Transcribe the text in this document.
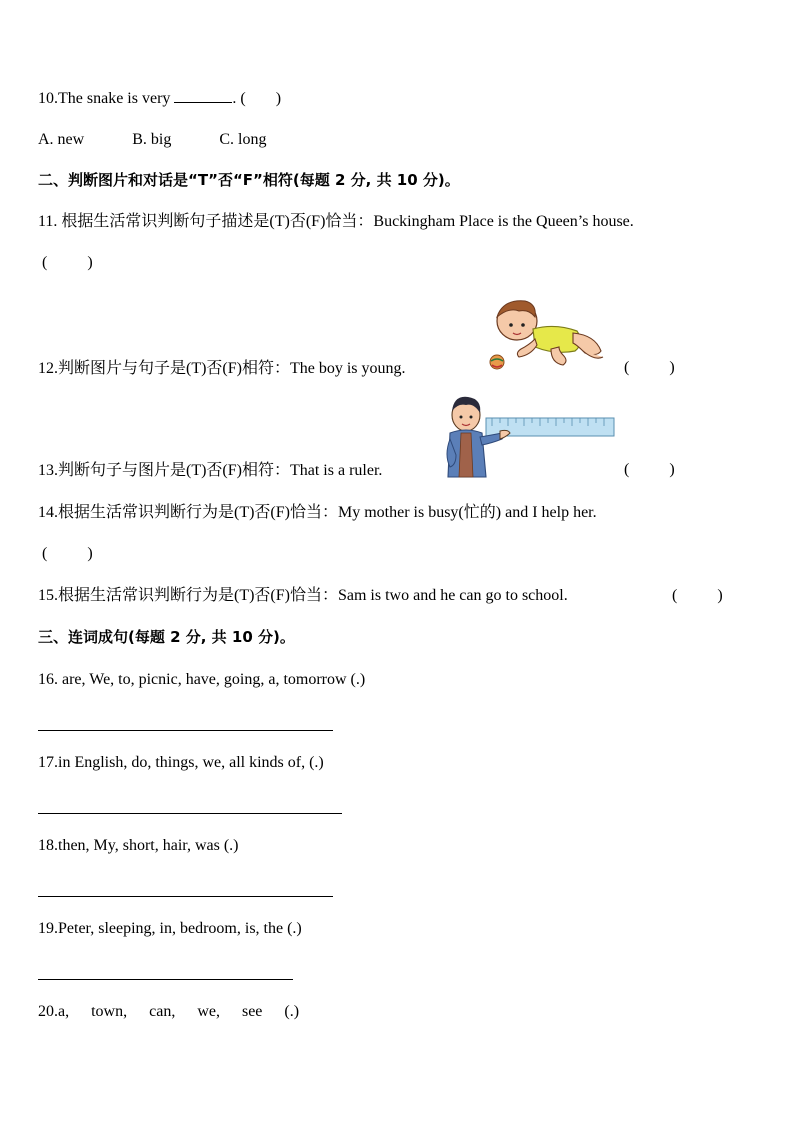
10.The snake is very	. ( )
A. new	B. big	C. long
二、判断图片和对话是“T”否“F”相符(每题 2 分, 共 10 分)。
11. 根据生活常识判断句子描述是(T)否(F)恰当：Buckingham Place is the Queen’s house.
(          )
12.判断图片与句子是(T)否(F)相符：The boy is young.	(          )
13.判断句子与图片是(T)否(F)相符：That is a ruler.	(          )
14.根据生活常识判断行为是(T)否(F)恰当：My mother is busy(忙的) and I help her.
(          )
15.根据生活常识判断行为是(T)否(F)恰当：Sam is two and he can go to school.	(          )
三、连词成句(每题 2 分, 共 10 分)。
16. are, We, to, picnic, have, going, a, tomorrow (.)
17.in English, do, things, we, all kinds of, (.)
18.then, My, short, hair, was (.)
19.Peter, sleeping, in, bedroom, is, the (.)
20.a, town, can, we, see (.)
